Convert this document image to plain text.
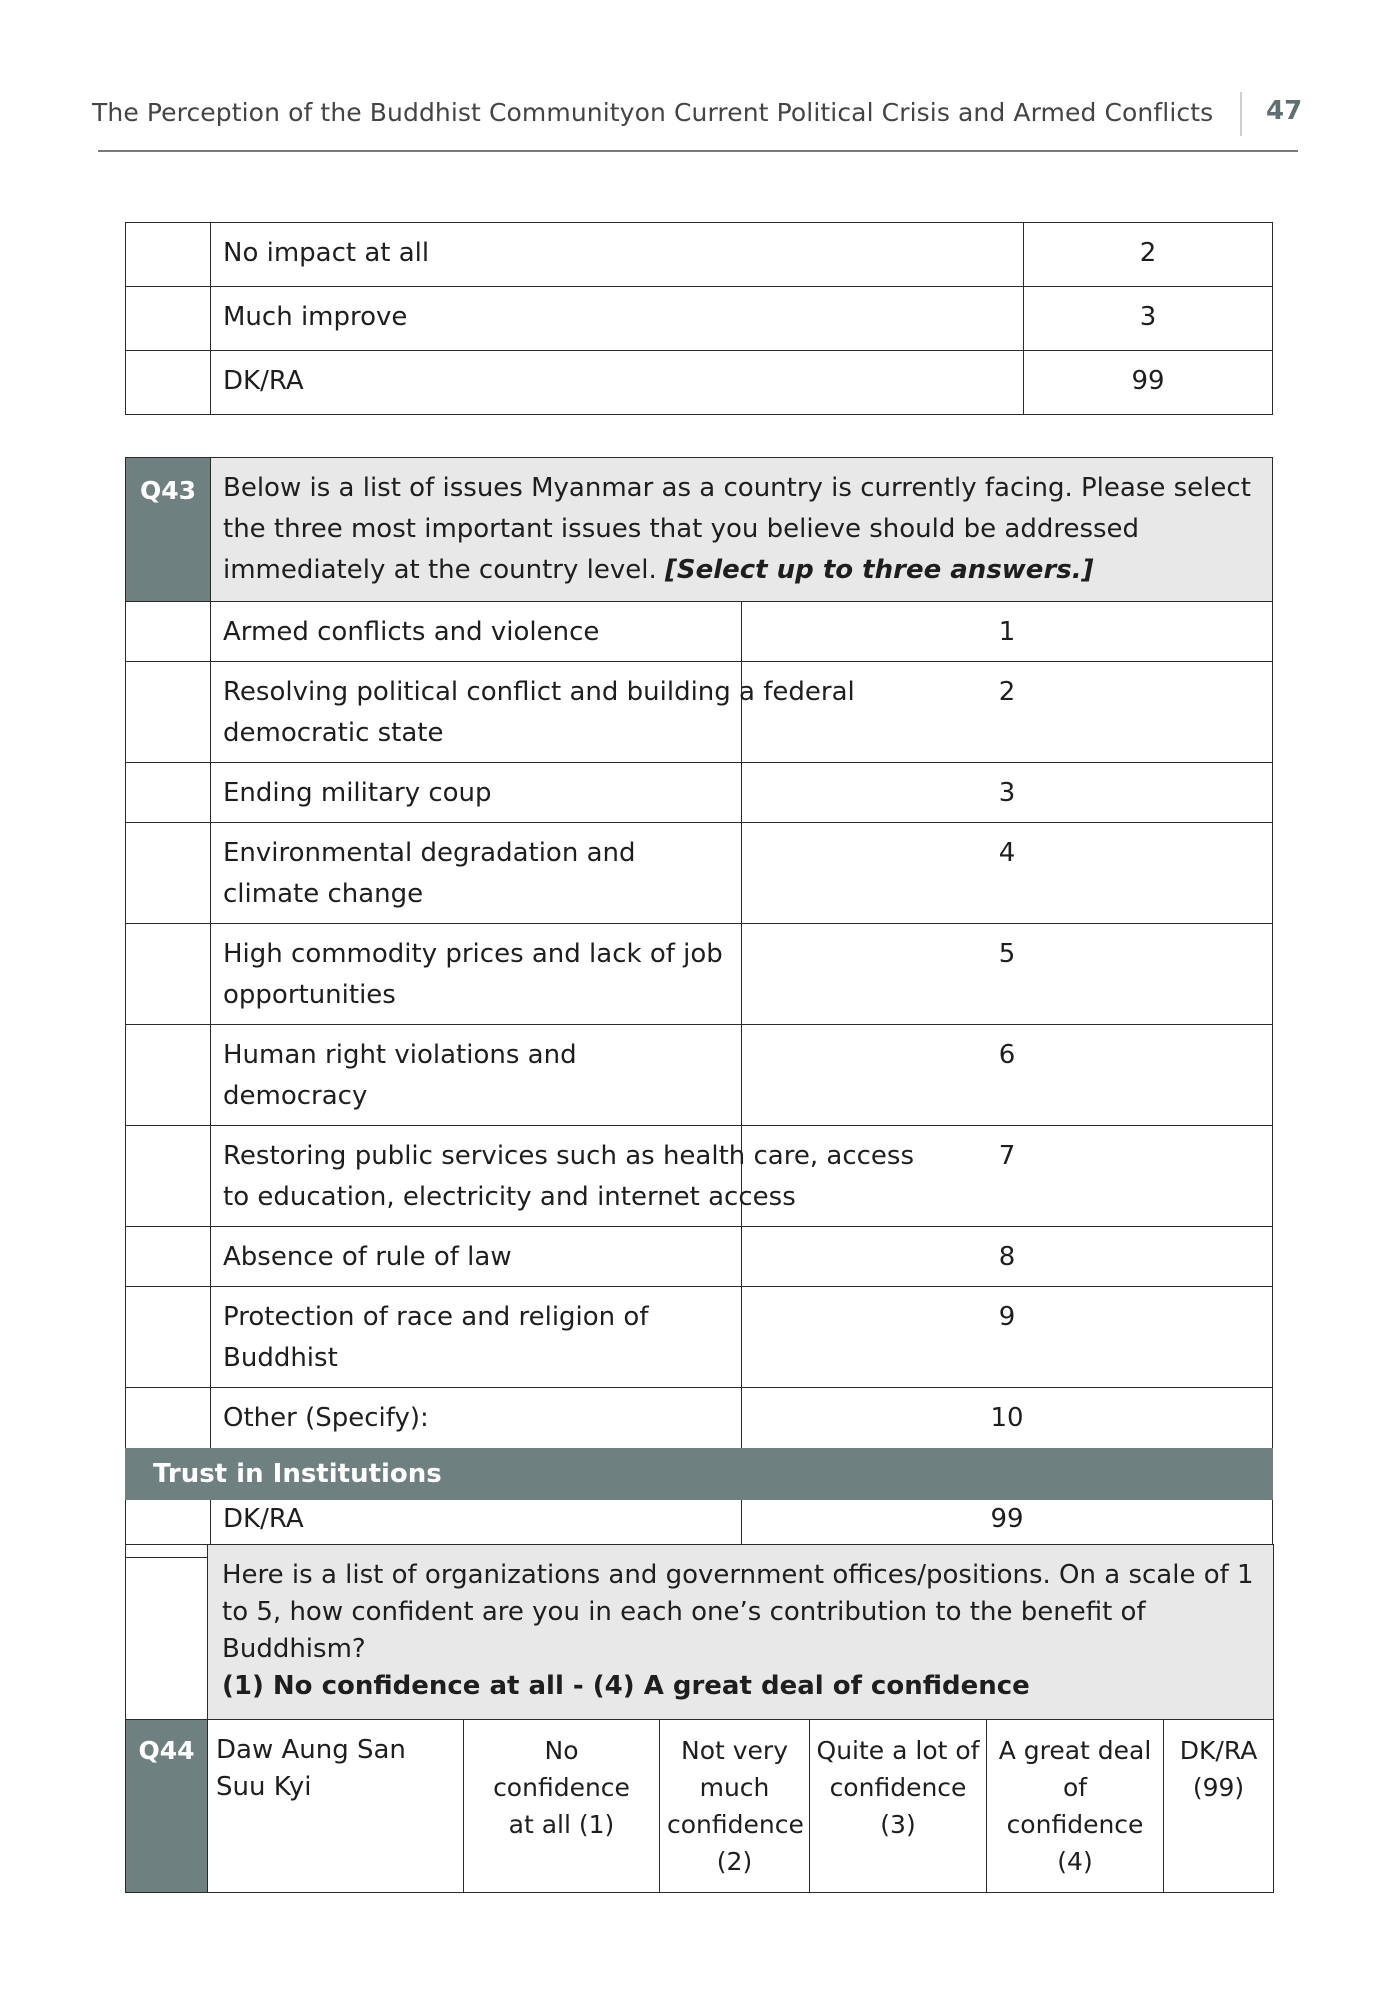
The Perception of the Buddhist Communityon Current Political Crisis and Armed Conflicts 47
	No impact at all	2
	Much improve	3
	DK/RA	99
Q43	Below is a list of issues Myanmar as a country is currently facing. Please select the three most important issues that you believe should be addressed immediately at the country level. [Select up to three answers.]	
	Armed conflicts and violence	1

	Resolving political conflict and building a federal democratic state	2
	Ending military coup	3
	Environmental degradation and climate change	4
	High commodity prices and lack of job opportunities	5
	Human right violations and democracy	6

	Restoring public services such as health care, access to education, electricity and internet access	7
	Absence of rule of law	8
	Protection of race and religion of Buddhist	9
	Other (Specify):	10
	DK/RA	99
Trust in Institutions
	Here is a list of organizations and government offices/positions. On a scale of 1 to 5, how confident are you in each one’s contribution to the benefit of Buddhism?
(1) No confidence at all - (4) A great deal of confidence					
Q44	Daw Aung San Suu Kyi	No confidence at all (1)	Not very much confidence (2)	Quite a lot of confidence (3)	A great deal of confidence (4)	DK/RA (99)
